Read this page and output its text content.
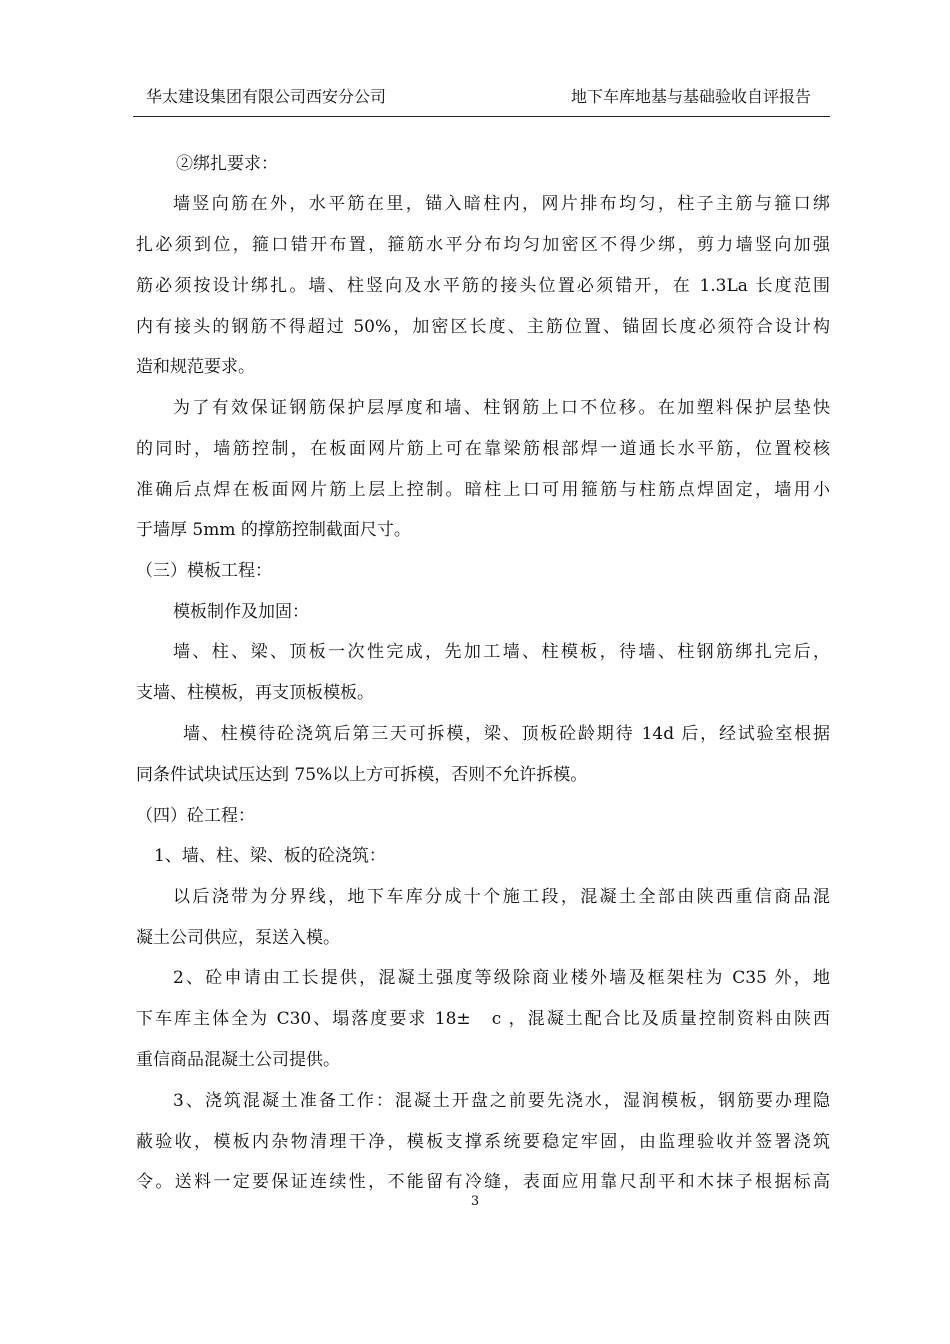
华太建设集团有限公司西安分公司	地下车库地基与基础验收自评报告
②绑扎要求：
墙竖向筋在外，水平筋在里，锚入暗柱内，网片排布均匀，柱子主筋与箍口绑
扎必须到位，箍口错开布置，箍筋水平分布均匀加密区不得少绑，剪力墙竖向加强
筋必须按设计绑扎。墙、柱竖向及水平筋的接头位置必须错开，在 1.3La 长度范围
内有接头的钢筋不得超过 50%，加密区长度、主筋位置、锚固长度必须符合设计构
造和规范要求。
为了有效保证钢筋保护层厚度和墙、柱钢筋上口不位移。在加塑料保护层垫快
的同时，墙筋控制，在板面网片筋上可在靠梁筋根部焊一道通长水平筋，位置校核
准确后点焊在板面网片筋上层上控制。暗柱上口可用箍筋与柱筋点焊固定，墙用小
于墙厚 5mm 的撑筋控制截面尺寸。
（三）模板工程：
模板制作及加固：
墙、柱、梁、顶板一次性完成，先加工墙、柱模板，待墙、柱钢筋绑扎完后，
支墙、柱模板，再支顶板模板。
墙、柱模待砼浇筑后第三天可拆模，梁、顶板砼龄期待 14d 后，经试验室根据
同条件试块试压达到 75%以上方可拆模，否则不允许拆模。
（四）砼工程：
1、墙、柱、梁、板的砼浇筑：
以后浇带为分界线，地下车库分成十个施工段，混凝土全部由陕西重信商品混
凝土公司供应，泵送入模。
2、砼申请由工长提供，混凝土强度等级除商业楼外墙及框架柱为 C35 外，地
下车库主体全为 C30、塌落度要求 18±　c ，混凝土配合比及质量控制资料由陕西
重信商品混凝土公司提供。
3、浇筑混凝土准备工作：混凝土开盘之前要先浇水，湿润模板，钢筋要办理隐
蔽验收，模板内杂物清理干净，模板支撑系统要稳定牢固，由监理验收并签署浇筑
令。送料一定要保证连续性，不能留有冷缝，表面应用靠尺刮平和木抹子根据标高
3
